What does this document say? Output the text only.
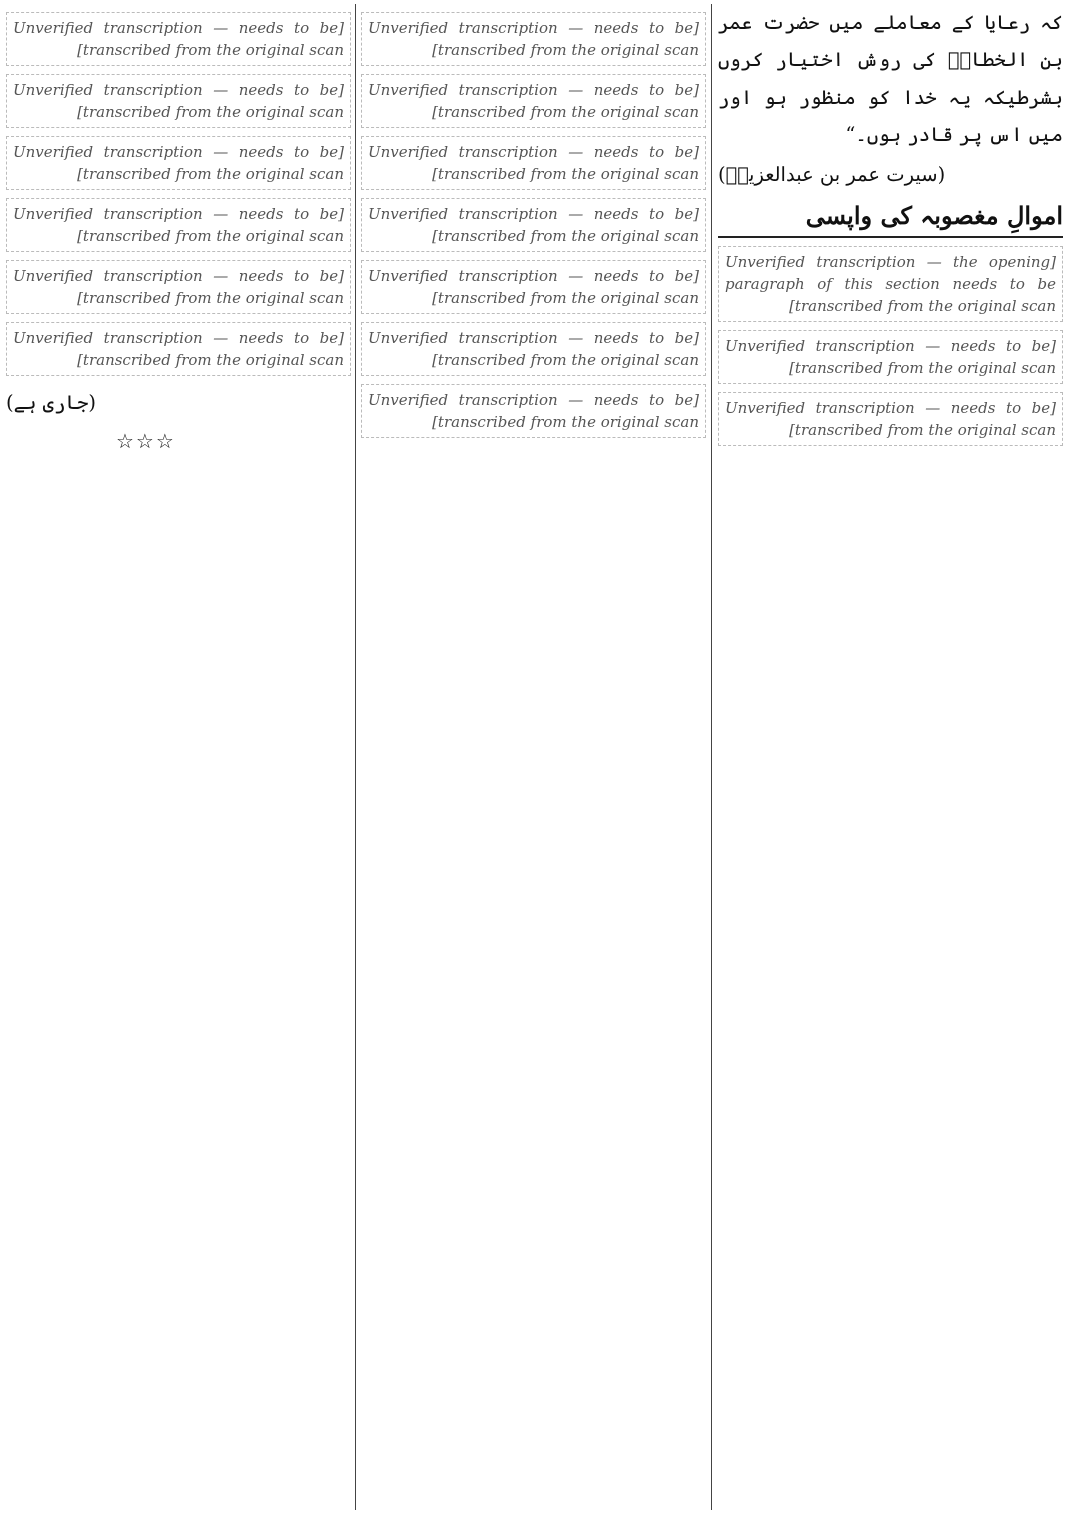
کہ رعایا کے معاملے میں حضرت عمر بن الخطابؓ کی روش اختیار کروں بشرطیکہ یہ خدا کو منظور ہو اور میں اس پر قادر ہوں۔“

(سیرت عمر بن عبدالعزیزؒ)

اموالِ مغصوبہ کی واپسی

[Unverified transcription — the opening paragraph of this section needs to be transcribed from the original scan]

[Unverified transcription — needs to be transcribed from the original scan]

[Unverified transcription — needs to be transcribed from the original scan]

[Unverified transcription — needs to be transcribed from the original scan]

[Unverified transcription — needs to be transcribed from the original scan]

[Unverified transcription — needs to be transcribed from the original scan]

[Unverified transcription — needs to be transcribed from the original scan]

[Unverified transcription — needs to be transcribed from the original scan]

[Unverified transcription — needs to be transcribed from the original scan]

[Unverified transcription — needs to be transcribed from the original scan]

[Unverified transcription — needs to be transcribed from the original scan]

[Unverified transcription — needs to be transcribed from the original scan]

[Unverified transcription — needs to be transcribed from the original scan]

[Unverified transcription — needs to be transcribed from the original scan]

[Unverified transcription — needs to be transcribed from the original scan]

[Unverified transcription — needs to be transcribed from the original scan]

(جاری ہے)

☆☆☆
